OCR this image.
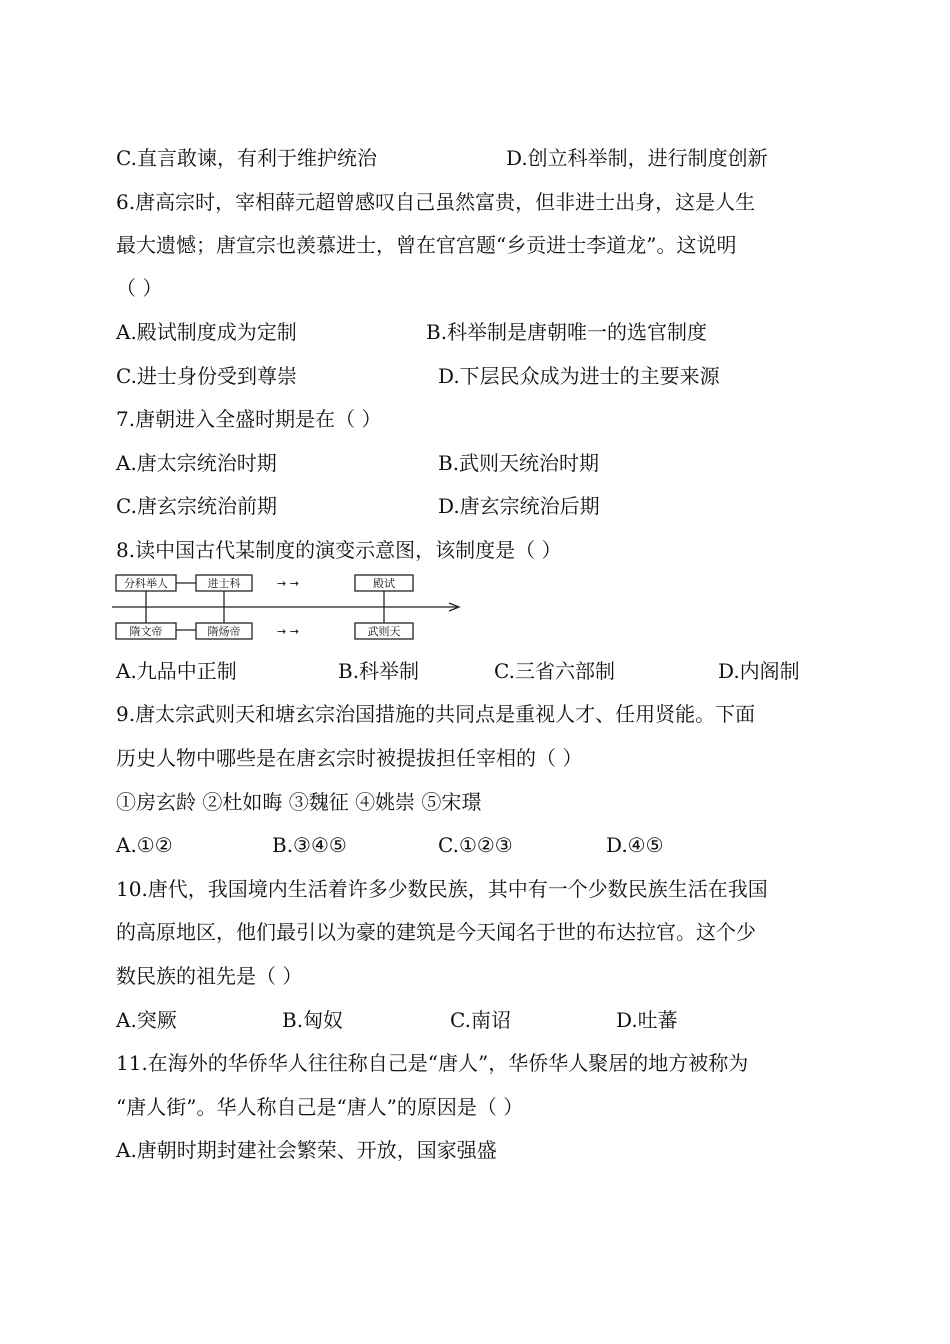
C.直言敢谏，有利于维护统治	D.创立科举制，进行制度创新
6.唐高宗时，宰相薛元超曾感叹自己虽然富贵，但非进士出身，这是人生
最大遗憾；唐宣宗也羡慕进士，曾在官宫题“乡贡进士李道龙”。这说明
（ ）
A.殿试制度成为定制	B.科举制是唐朝唯一的选官制度
C.进士身份受到尊崇	D.下层民众成为进士的主要来源
7.唐朝进入全盛时期是在（ ）
A.唐太宗统治时期	B.武则天统治时期
C.唐玄宗统治前期	D.唐玄宗统治后期
8.读中国古代某制度的演变示意图，该制度是（ ）
分科举人	进士科	→ →	殿试
隋文帝	隋炀帝	→ →	武则天
A.九品中正制	B.科举制	C.三省六部制	D.内阁制
9.唐太宗武则天和塘玄宗治国措施的共同点是重视人才、任用贤能。下面
历史人物中哪些是在唐玄宗时被提拔担任宰相的（ ）
①房玄龄 ②杜如晦 ③魏征 ④姚崇 ⑤宋璟
A.①②	B.③④⑤	C.①②③	D.④⑤
10.唐代，我国境内生活着许多少数民族，其中有一个少数民族生活在我国
的高原地区，他们最引以为豪的建筑是今天闻名于世的布达拉官。这个少
数民族的祖先是（ ）
A.突厥	B.匈奴	C.南诏	D.吐蕃
11.在海外的华侨华人往往称自己是“唐人”，华侨华人聚居的地方被称为
“唐人街”。华人称自己是“唐人”的原因是（ ）
A.唐朝时期封建社会繁荣、开放，国家强盛
